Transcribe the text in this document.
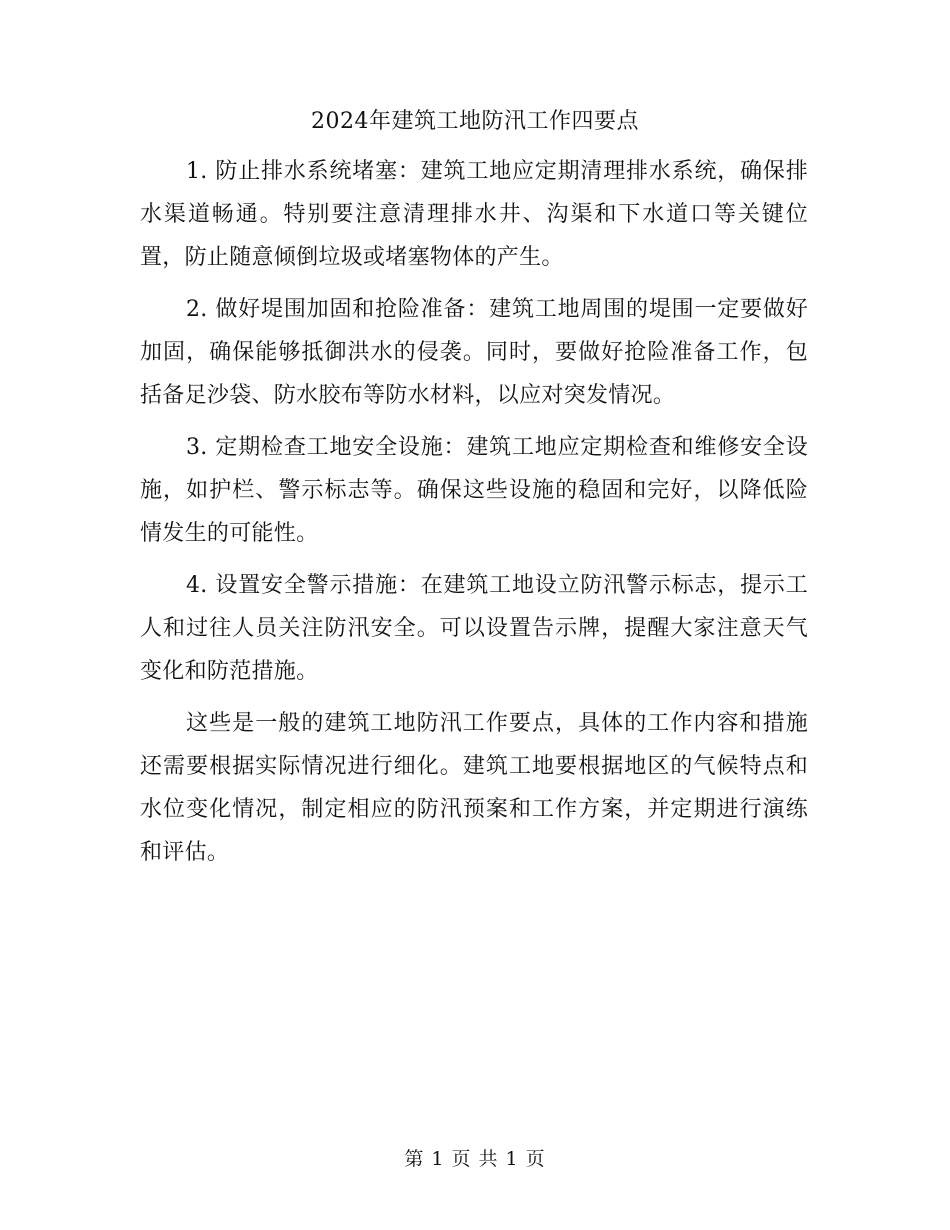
2024年建筑工地防汛工作四要点

1. 防止排水系统堵塞：建筑工地应定期清理排水系统，确保排水渠道畅通。特别要注意清理排水井、沟渠和下水道口等关键位置，防止随意倾倒垃圾或堵塞物体的产生。

2. 做好堤围加固和抢险准备：建筑工地周围的堤围一定要做好加固，确保能够抵御洪水的侵袭。同时，要做好抢险准备工作，包括备足沙袋、防水胶布等防水材料，以应对突发情况。

3. 定期检查工地安全设施：建筑工地应定期检查和维修安全设施，如护栏、警示标志等。确保这些设施的稳固和完好，以降低险情发生的可能性。

4. 设置安全警示措施：在建筑工地设立防汛警示标志，提示工人和过往人员关注防汛安全。可以设置告示牌，提醒大家注意天气变化和防范措施。

这些是一般的建筑工地防汛工作要点，具体的工作内容和措施还需要根据实际情况进行细化。建筑工地要根据地区的气候特点和水位变化情况，制定相应的防汛预案和工作方案，并定期进行演练和评估。

第 1 页 共 1 页
